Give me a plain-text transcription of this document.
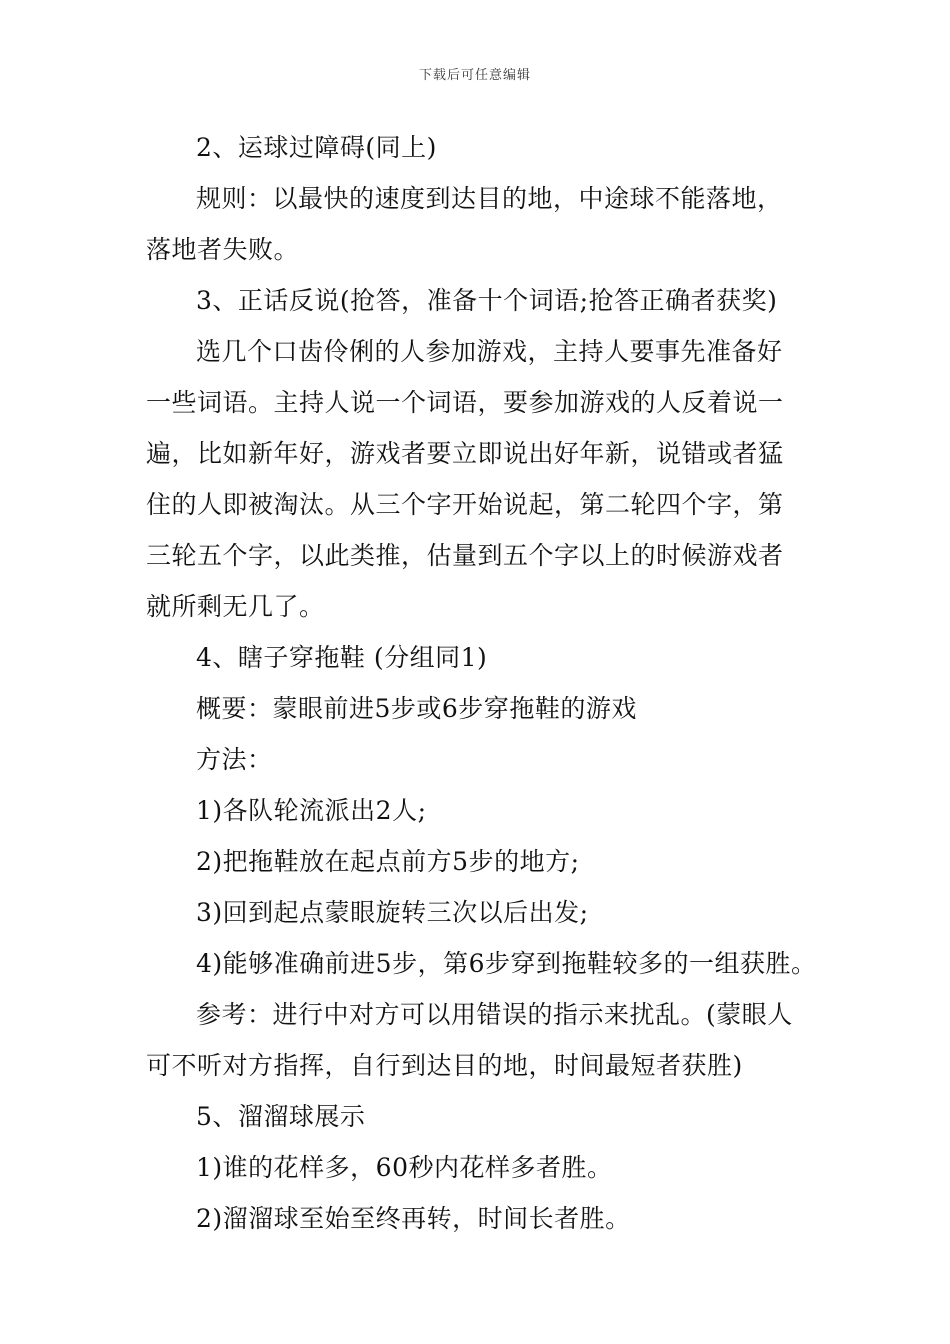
下载后可任意编辑
2、运球过障碍(同上)
规则：以最快的速度到达目的地，中途球不能落地，
落地者失败。
3、正话反说(抢答，准备十个词语;抢答正确者获奖)
选几个口齿伶俐的人参加游戏，主持人要事先准备好
一些词语。主持人说一个词语，要参加游戏的人反着说一
遍，比如新年好，游戏者要立即说出好年新，说错或者猛
住的人即被淘汰。从三个字开始说起，第二轮四个字，第
三轮五个字，以此类推，估量到五个字以上的时候游戏者
就所剩无几了。
4、瞎子穿拖鞋 (分组同1)
概要：蒙眼前进5步或6步穿拖鞋的游戏
方法：
1)各队轮流派出2人;
2)把拖鞋放在起点前方5步的地方;
3)回到起点蒙眼旋转三次以后出发;
4)能够准确前进5步，第6步穿到拖鞋较多的一组获胜。
参考：进行中对方可以用错误的指示来扰乱。(蒙眼人
可不听对方指挥，自行到达目的地，时间最短者获胜)
5、溜溜球展示
1)谁的花样多，60秒内花样多者胜。
2)溜溜球至始至终再转，时间长者胜。
